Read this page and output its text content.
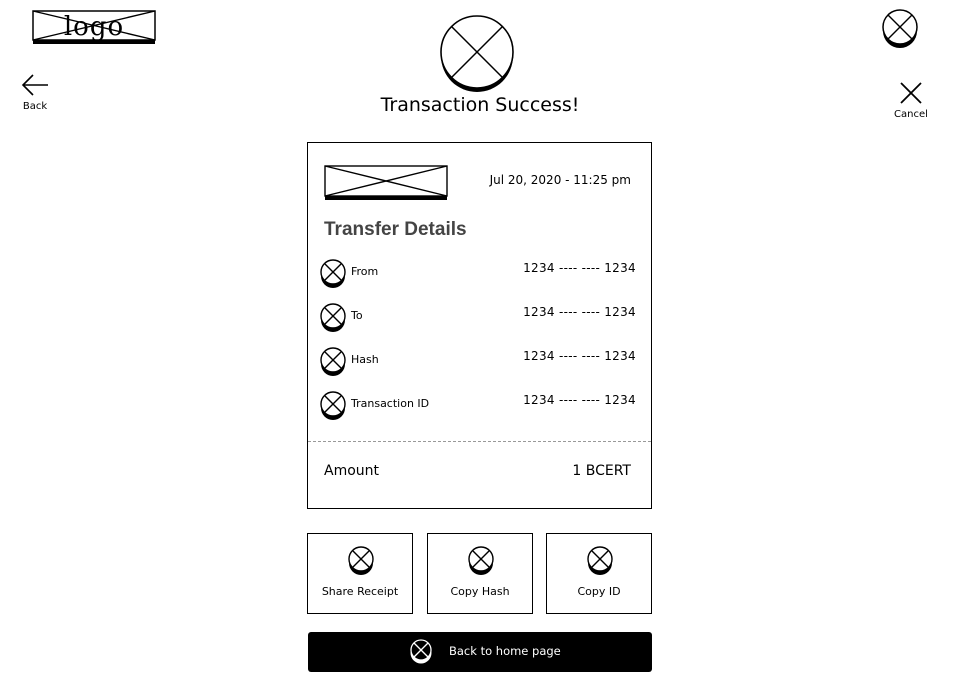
logo
Back
Cancel
Transaction Success!
Jul 20, 2020 - 11:25 pm
Transfer Details
From	1234 ---- ---- 1234
To	1234 ---- ---- 1234
Hash	1234 ---- ---- 1234
Transaction ID	1234 ---- ---- 1234
Amount	1 BCERT
Share Receipt	Copy Hash	Copy ID
Back to home page
